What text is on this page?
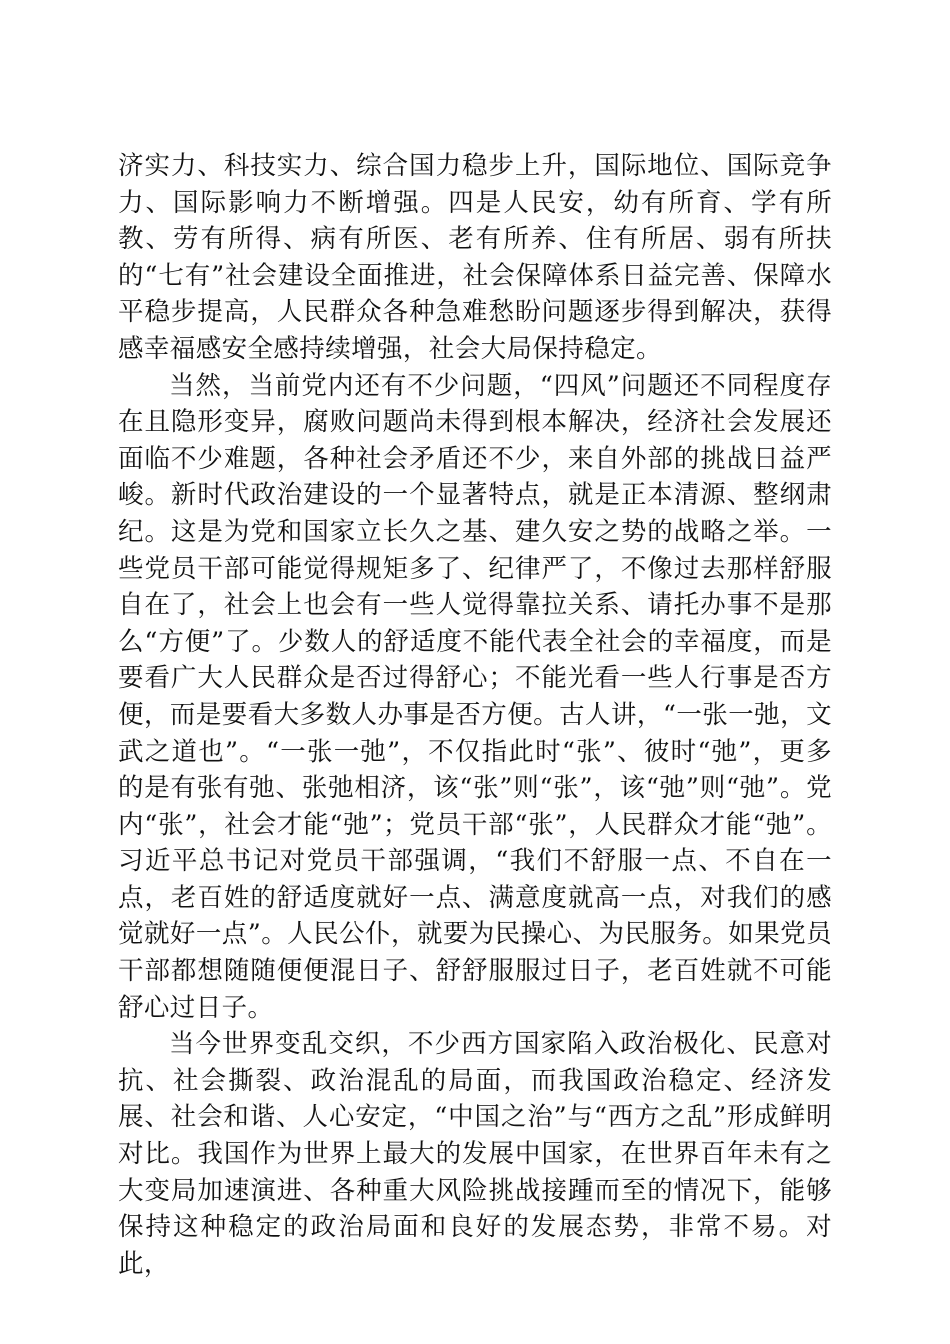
济实力、科技实力、综合国力稳步上升，国际地位、国际竞争力、国际影响力不断增强。四是人民安，幼有所育、学有所教、劳有所得、病有所医、老有所养、住有所居、弱有所扶的“七有”社会建设全面推进，社会保障体系日益完善、保障水平稳步提高，人民群众各种急难愁盼问题逐步得到解决，获得感幸福感安全感持续增强，社会大局保持稳定。

当然，当前党内还有不少问题，“四风”问题还不同程度存在且隐形变异，腐败问题尚未得到根本解决，经济社会发展还面临不少难题，各种社会矛盾还不少，来自外部的挑战日益严峻。新时代政治建设的一个显著特点，就是正本清源、整纲肃纪。这是为党和国家立长久之基、建久安之势的战略之举。一些党员干部可能觉得规矩多了、纪律严了，不像过去那样舒服自在了，社会上也会有一些人觉得靠拉关系、请托办事不是那么“方便”了。少数人的舒适度不能代表全社会的幸福度，而是要看广大人民群众是否过得舒心；不能光看一些人行事是否方便，而是要看大多数人办事是否方便。古人讲，“一张一弛，文武之道也”。“一张一弛”，不仅指此时“张”、彼时“弛”，更多的是有张有弛、张弛相济，该“张”则“张”，该“弛”则“弛”。党内“张”，社会才能“弛”；党员干部“张”，人民群众才能“弛”。习近平总书记对党员干部强调，“我们不舒服一点、不自在一点，老百姓的舒适度就好一点、满意度就高一点，对我们的感觉就好一点”。人民公仆，就要为民操心、为民服务。如果党员干部都想随随便便混日子、舒舒服服过日子，老百姓就不可能舒心过日子。

当今世界变乱交织，不少西方国家陷入政治极化、民意对抗、社会撕裂、政治混乱的局面，而我国政治稳定、经济发展、社会和谐、人心安定，“中国之治”与“西方之乱”形成鲜明对比。我国作为世界上最大的发展中国家，在世界百年未有之大变局加速演进、各种重大风险挑战接踵而至的情况下，能够保持这种稳定的政治局面和良好的发展态势，非常不易。对此，
